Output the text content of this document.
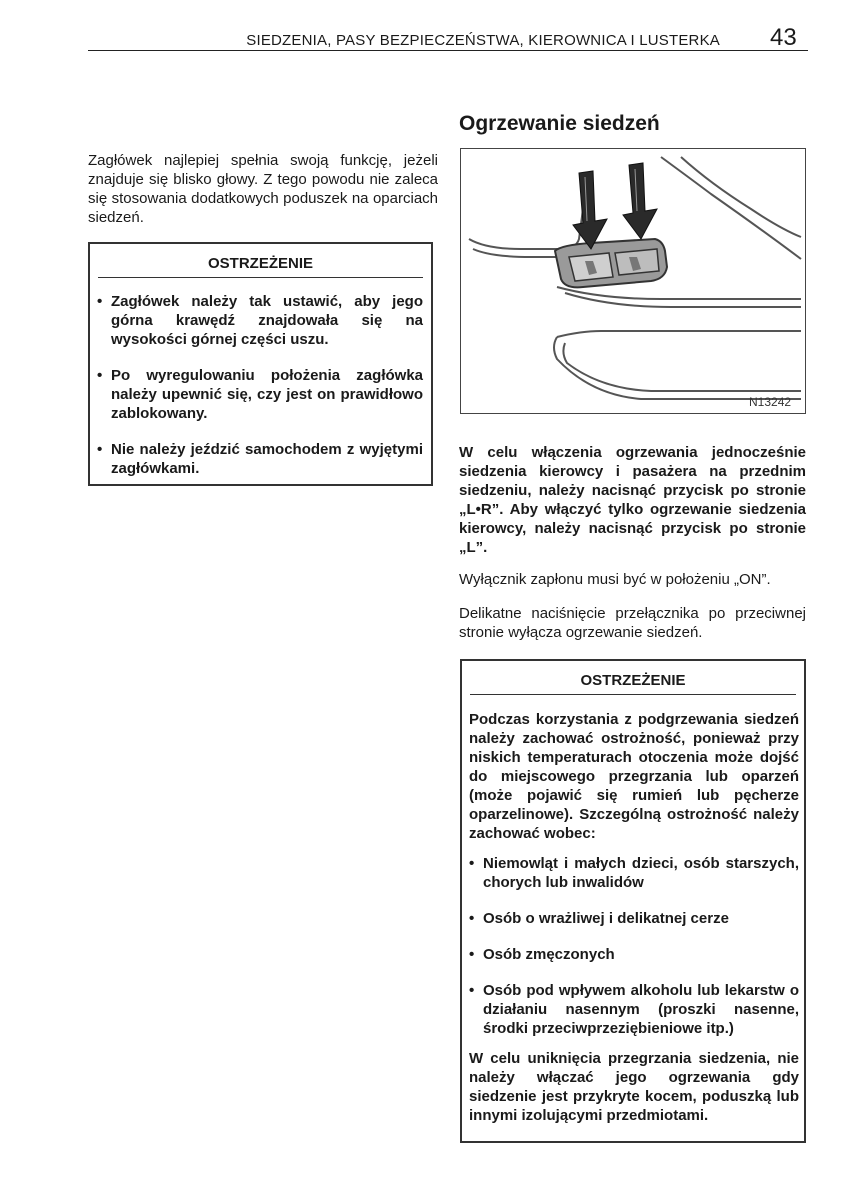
SIEDZENIA, PASY BEZPIECZEŃSTWA, KIEROWNICA I LUSTERKA 43

Zagłówek najlepiej spełnia swoją funkcję, jeżeli znajduje się blisko głowy. Z tego powodu nie zaleca się stosowania dodatkowych poduszek na oparciach siedzeń.

OSTRZEŻENIE
• Zagłówek należy tak ustawić, aby jego górna krawędź znajdowała się na wysokości górnej części uszu.
• Po wyregulowaniu położenia zagłówka należy upewnić się, czy jest on prawidłowo zablokowany.
• Nie należy jeździć samochodem z wyjętymi zagłówkami.
Ogrzewanie siedzeń
N13242

W celu włączenia ogrzewania jednocześnie siedzenia kierowcy i pasażera na przednim siedzeniu, należy nacisnąć przycisk po stronie „L•R”. Aby włączyć tylko ogrzewanie siedzenia kierowcy, należy nacisnąć przycisk po stronie „L”.

Wyłącznik zapłonu musi być w położeniu „ON”.

Delikatne naciśnięcie przełącznika po przeciwnej stronie wyłącza ogrzewanie siedzeń.

OSTRZEŻENIE
Podczas korzystania z podgrzewania siedzeń należy zachować ostrożność, ponieważ przy niskich temperaturach otoczenia może dojść do miejscowego przegrzania lub oparzeń (może pojawić się rumień lub pęcherze oparzelinowe). Szczególną ostrożność należy zachować wobec:
• Niemowląt i małych dzieci, osób starszych, chorych lub inwalidów
• Osób o wrażliwej i delikatnej cerze
• Osób zmęczonych
• Osób pod wpływem alkoholu lub lekarstw o działaniu nasennym (proszki nasenne, środki przeciwprzeziębieniowe itp.)
W celu uniknięcia przegrzania siedzenia, nie należy włączać jego ogrzewania gdy siedzenie jest przykryte kocem, poduszką lub innymi izolującymi przedmiotami.
